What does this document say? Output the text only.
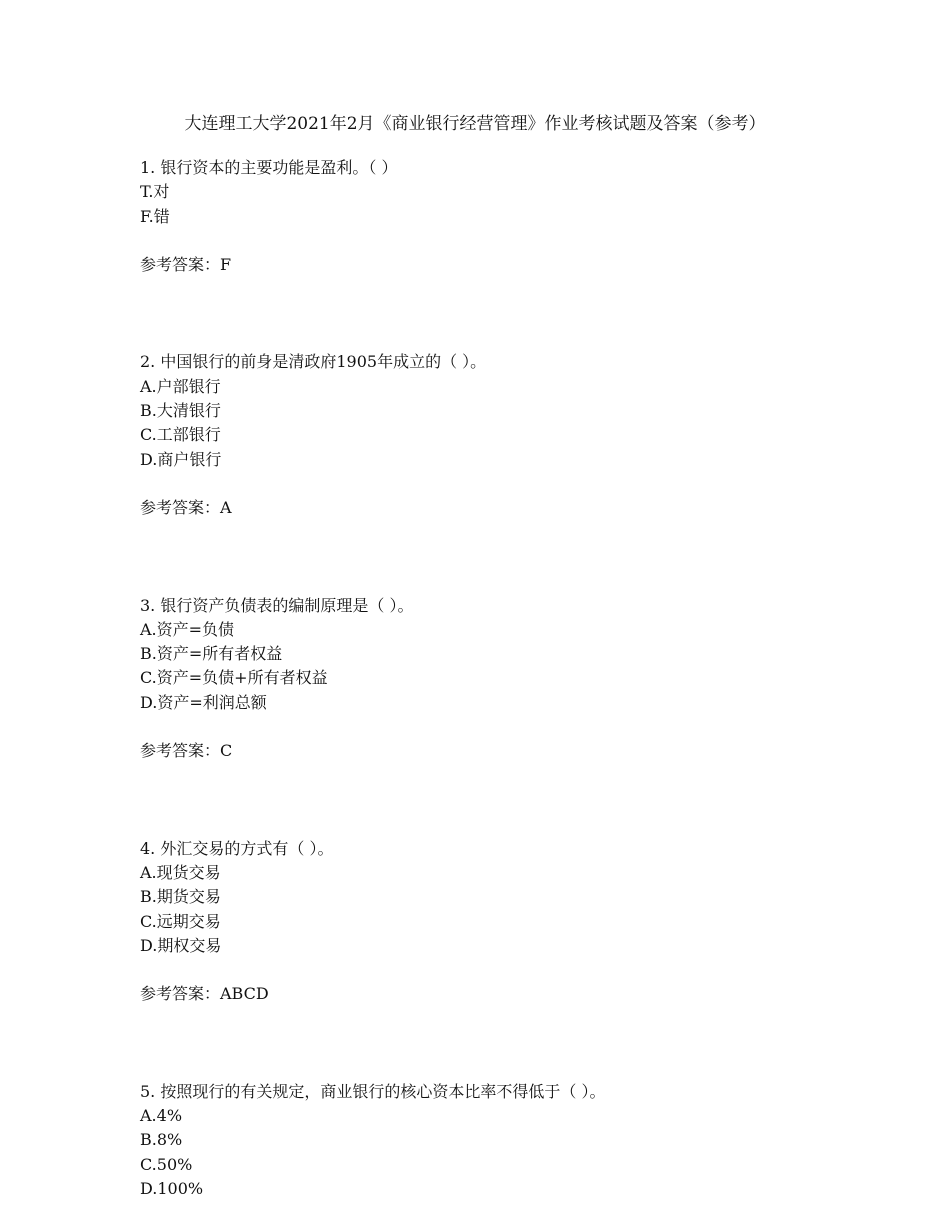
大连理工大学2021年2月《商业银行经营管理》作业考核试题及答案（参考）
1. 银行资本的主要功能是盈利。（ ）
T.对
F.错
参考答案：F
2. 中国银行的前身是清政府1905年成立的（ ）。
A.户部银行
B.大清银行
C.工部银行
D.商户银行
参考答案：A
3. 银行资产负债表的编制原理是（ ）。
A.资产=负债
B.资产=所有者权益
C.资产=负债+所有者权益
D.资产=利润总额
参考答案：C
4. 外汇交易的方式有（ ）。
A.现货交易
B.期货交易
C.远期交易
D.期权交易
参考答案：ABCD
5. 按照现行的有关规定，商业银行的核心资本比率不得低于（ ）。
A.4%
B.8%
C.50%
D.100%
